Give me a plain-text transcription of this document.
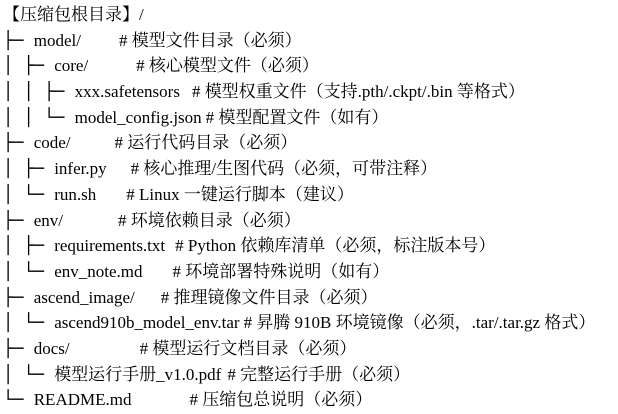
【压缩包根目录】/
├─ model/ # 模型文件目录（必须）
│ ├─ core/	# 核心模型文件（必须）
│ │ ├─ xxx.safetensors # 模型权重文件（支持.pth/.ckpt/.bin 等格式）
│ │ └─ model_config.json # 模型配置文件（如有）
├─ code/	# 运行代码目录（必须）
│ ├─ infer.py # 核心推理/生图代码（必须，可带注释）
│ └─ run.sh # Linux 一键运行脚本（建议）
├─ env/	# 环境依赖目录（必须）
│ ├─ requirements.txt # Python 依赖库清单（必须，标注版本号）
│ └─ env_note.md # 环境部署特殊说明（如有）
├─ ascend_image/ # 推理镜像文件目录（必须）
│ └─ ascend910b_model_env.tar # 昇腾 910B 环境镜像（必须，.tar/.tar.gz 格式）
├─ docs/	# 模型运行文档目录（必须）
│ └─ 模型运行手册_v1.0.pdf # 完整运行手册（必须）
└─ README.md	# 压缩包总说明（必须）
